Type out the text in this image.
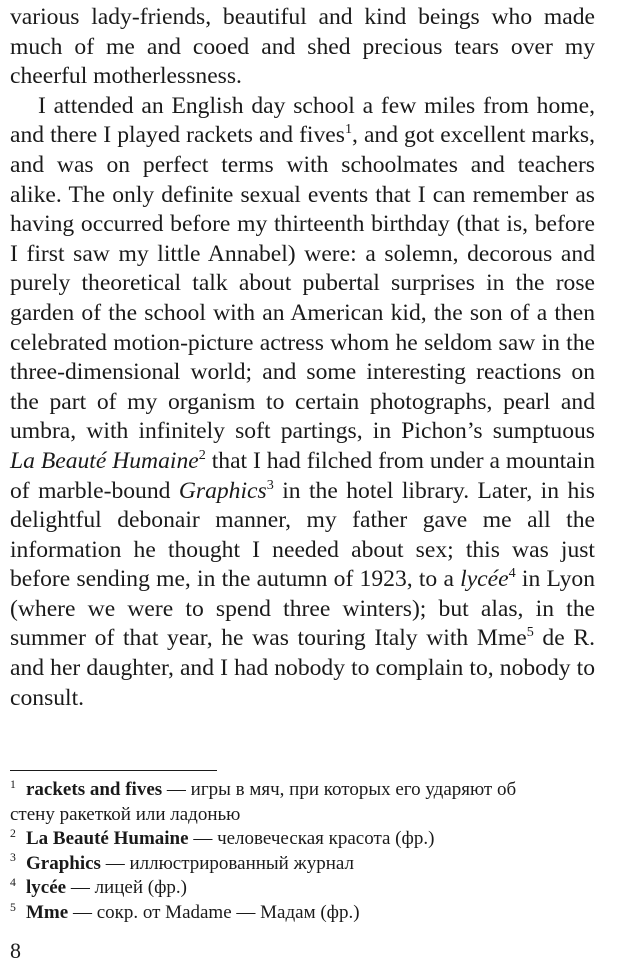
various lady-friends, beautiful and kind beings who made much of me and cooed and shed precious tears over my cheerful motherlessness.

I attended an English day school a few miles from home, and there I played rackets and fives$^1$, and got excellent marks, and was on perfect terms with schoolmates and teachers alike. The only definite sexual events that I can remember as having occurred before my thirteenth birthday (that is, before I first saw my little Annabel) were: a solemn, decorous and purely theoretical talk about pubertal surprises in the rose garden of the school with an American kid, the son of a then celebrated motion-picture actress whom he seldom saw in the three-dimensional world; and some interesting reactions on the part of my organism to certain photographs, pearl and umbra, with infinitely soft partings, in Pichon’s sumptuous La Beauté Humaine$^2$ that I had filched from under a mountain of marble-bound Graphics$^3$ in the hotel library. Later, in his delightful debonair manner, my father gave me all the information he thought I needed about sex; this was just before sending me, in the autumn of 1923, to a lycée$^4$ in Lyon (where we were to spend three winters); but alas, in the summer of that year, he was touring Italy with Mme$^5$ de R. and her daughter, and I had nobody to complain to, nobody to consult.

1 rackets and fives — игры в мяч, при которых его ударяют об

стену ракеткой или ладонью

2 La Beauté Humaine — человеческая красота (фр.)

3 Graphics — иллюстрированный журнал

4 lycée — лицей (фр.)

5 Mme — сокр. от Madame — Мадам (фр.)

8
